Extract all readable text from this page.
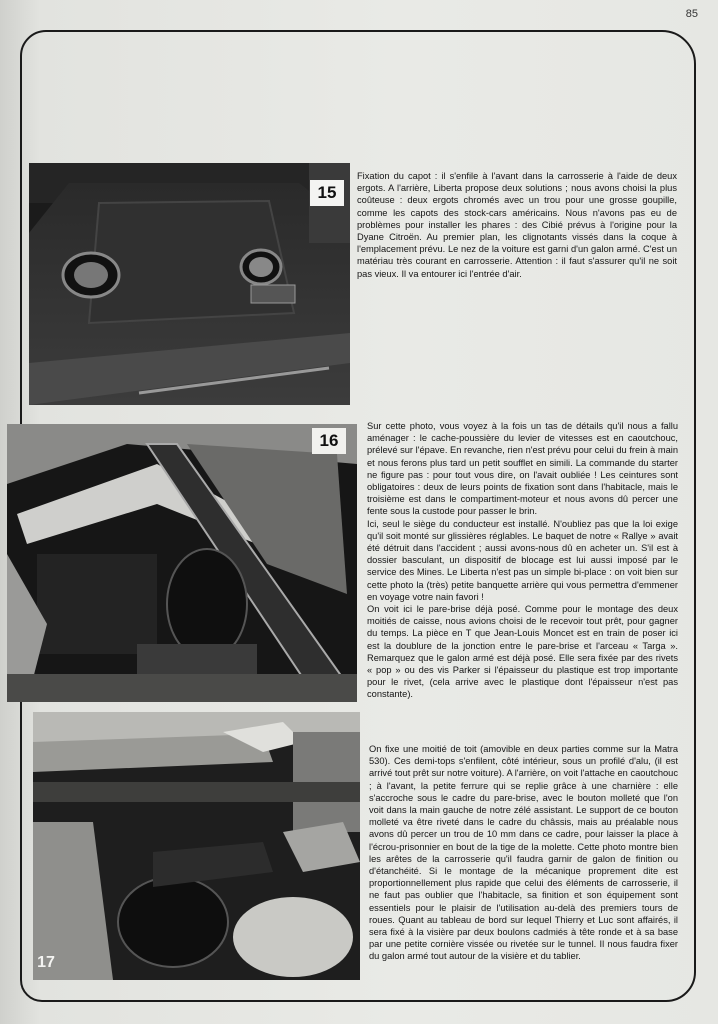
85
15

Fixation du capot : il s'enfile à l'avant dans la carrosserie à l'aide de deux ergots. A l'arrière, Liberta propose deux solutions ; nous avons choisi la plus coûteuse : deux ergots chromés avec un trou pour une grosse goupille, comme les capots des stock-cars américains. Nous n'avons pas eu de problèmes pour installer les phares : des Cibié prévus à l'origine pour la Dyane Citroën. Au premier plan, les clignotants vissés dans la coque à l'emplacement prévu. Le nez de la voiture est garni d'un galon armé. C'est un matériau très courant en carrosserie. Attention : il faut s'assurer qu'il ne soit pas vieux. Il va entourer ici l'entrée d'air.

16

Sur cette photo, vous voyez à la fois un tas de détails qu'il nous a fallu aménager : le cache-poussière du levier de vitesses est en caoutchouc, prélevé sur l'épave. En revanche, rien n'est prévu pour celui du frein à main et nous ferons plus tard un petit soufflet en simili. La commande du starter ne figure pas : pour tout vous dire, on l'avait oubliée ! Les ceintures sont obligatoires : deux de leurs points de fixation sont dans l'habitacle, mais le troisième est dans le compartiment-moteur et nous avons dû percer une fente sous la custode pour passer le brin.

Ici, seul le siège du conducteur est installé. N'oubliez pas que la loi exige qu'il soit monté sur glissières réglables. Le baquet de notre « Rallye » avait été détruit dans l'accident ; aussi avons-nous dû en acheter un. S'il est à dossier basculant, un dispositif de blocage est lui aussi imposé par le service des Mines. Le Liberta n'est pas un simple bi-place : on voit bien sur cette photo la (très) petite banquette arrière qui vous permettra d'emmener en voyage votre nain favori !

On voit ici le pare-brise déjà posé. Comme pour le montage des deux moitiés de caisse, nous avions choisi de le recevoir tout prêt, pour gagner du temps. La pièce en T que Jean-Louis Moncet est en train de poser ici est la doublure de la jonction entre le pare-brise et l'arceau « Targa ». Remarquez que le galon armé est déjà posé. Elle sera fixée par des rivets « pop » ou des vis Parker si l'épaisseur du plastique est trop importante pour le rivet, (cela arrive avec le plastique dont l'épaisseur n'est pas constante).

17

On fixe une moitié de toit (amovible en deux parties comme sur la Matra 530). Ces demi-tops s'enfilent, côté intérieur, sous un profilé d'alu, (il est arrivé tout prêt sur notre voiture). A l'arrière, on voit l'attache en caoutchouc ; à l'avant, la petite ferrure qui se replie grâce à une charnière : elle s'accroche sous le cadre du pare-brise, avec le bouton molleté que l'on voit dans la main gauche de notre zélé assistant. Le support de ce bouton molleté va être riveté dans le cadre du châssis, mais au préalable nous avons dû percer un trou de 10 mm dans ce cadre, pour laisser la place à l'écrou-prisonnier en bout de la tige de la molette. Cette photo montre bien les arêtes de la carrosserie qu'il faudra garnir de galon de finition ou d'étanchéité. Si le montage de la mécanique proprement dite est proportionnellement plus rapide que celui des éléments de carrosserie, il ne faut pas oublier que l'habitacle, sa finition et son équipement sont essentiels pour le plaisir de l'utilisation au-delà des premiers tours de roues. Quant au tableau de bord sur lequel Thierry et Luc sont affairés, il sera fixé à la visière par deux boulons cadmiés à tête ronde et à sa base par une petite cornière vissée ou rivetée sur le tunnel. Il nous faudra fixer du galon armé tout autour de la visière et du tablier.
